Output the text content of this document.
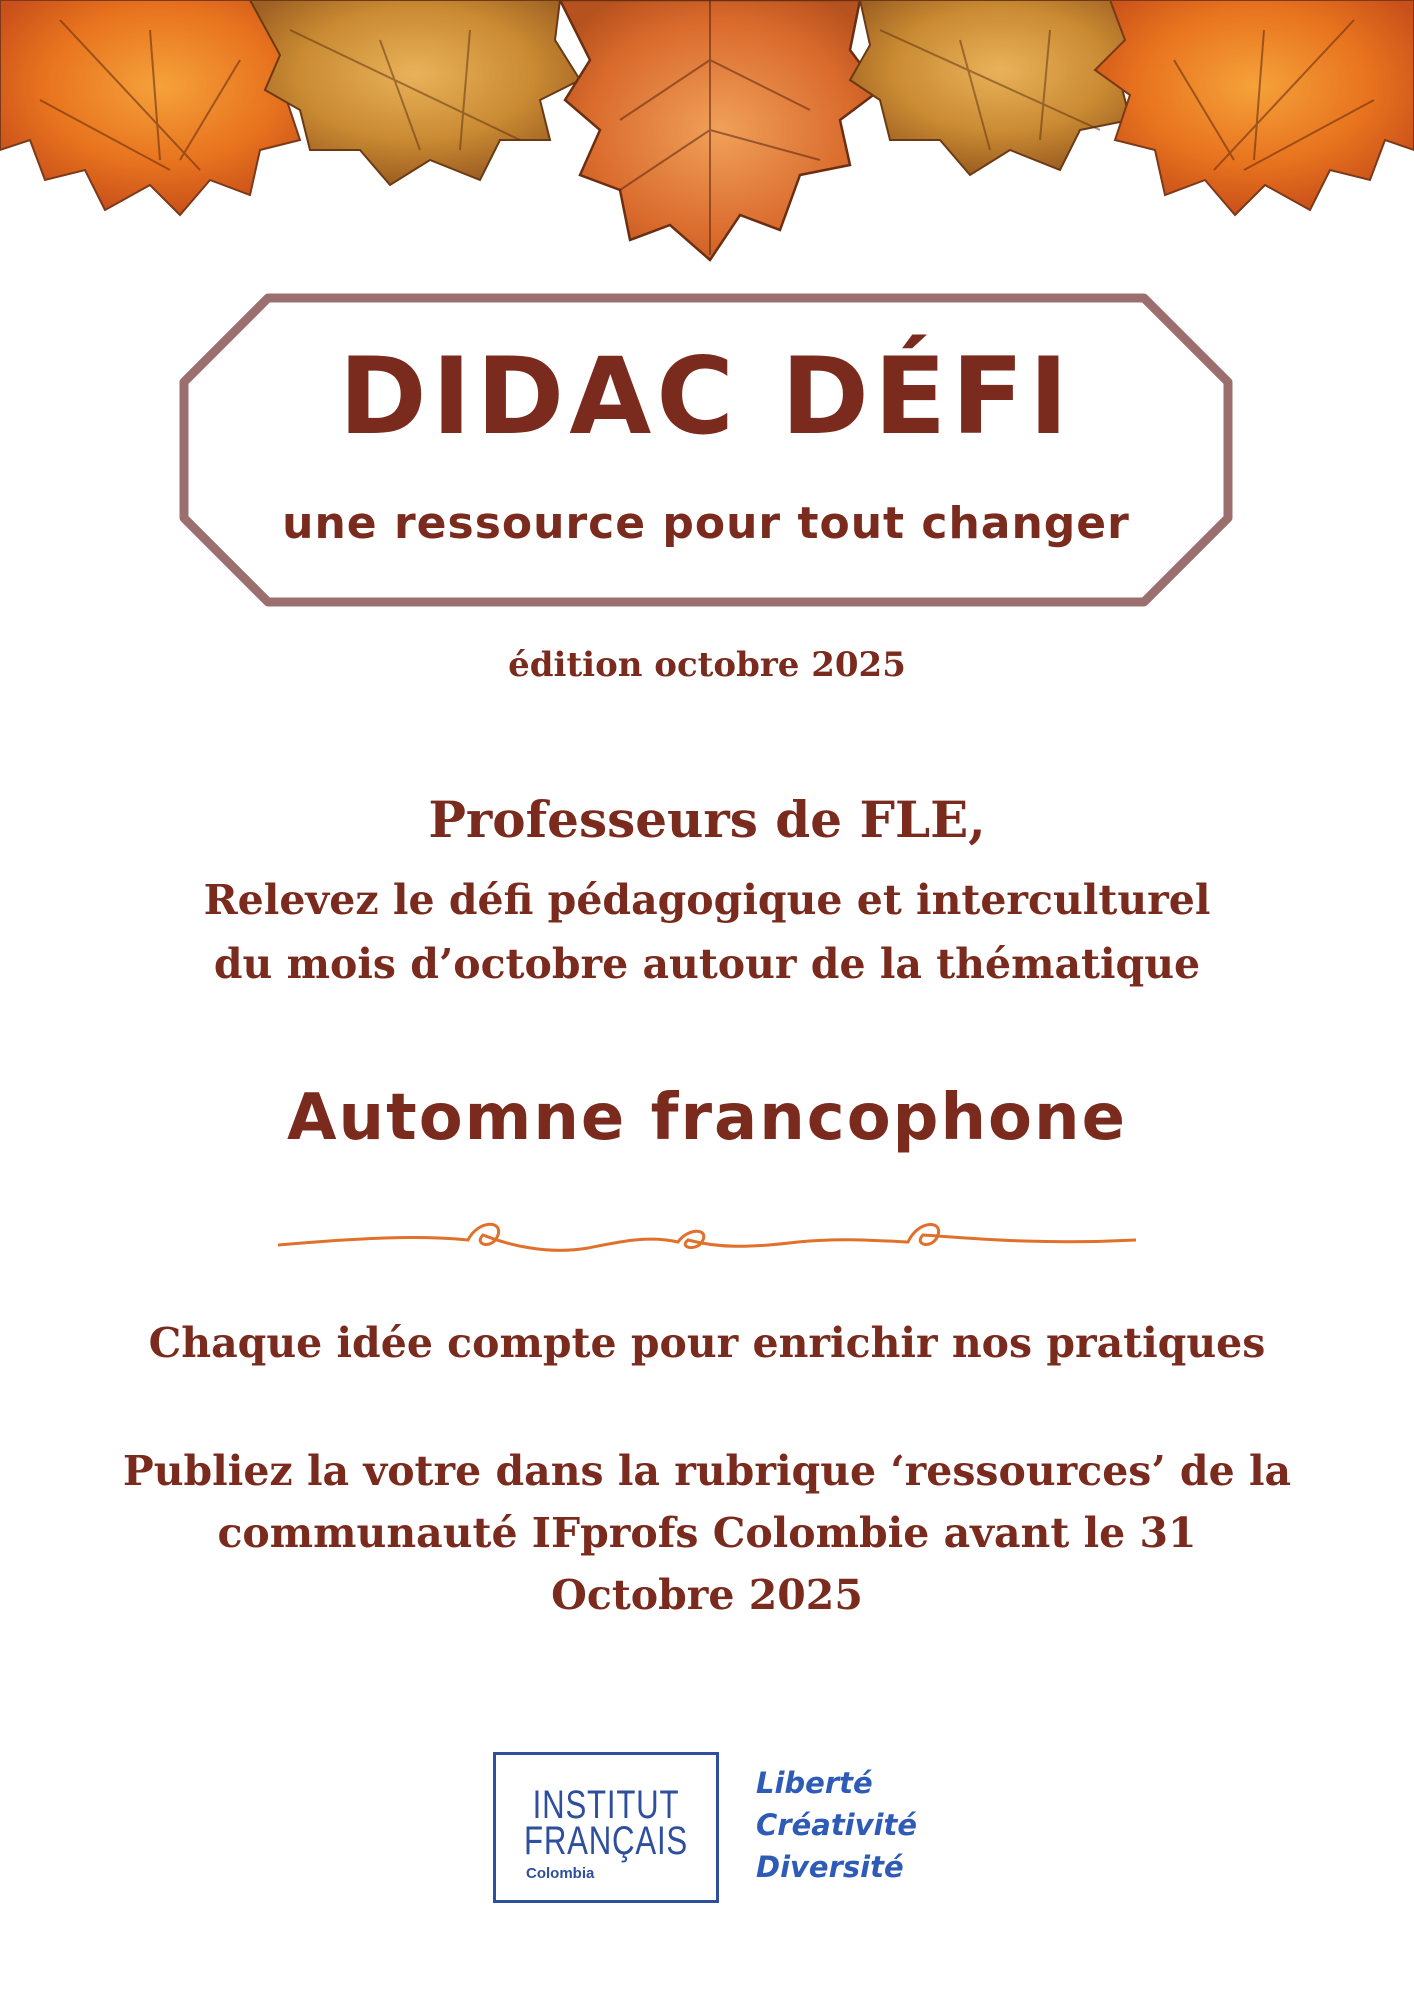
DIDAC DÉFI
une ressource pour tout changer
édition octobre 2025
Professeurs de FLE,
Relevez le défi pédagogique et interculturel
du mois d’octobre autour de la thématique
Automne francophone
Chaque idée compte pour enrichir nos pratiques
Publiez la votre dans la rubrique ‘ressources’ de la
communauté IFprofs Colombie avant le 31
Octobre 2025
INSTITUT
FRANÇAIS
Colombia
Liberté
Créativité
Diversité
